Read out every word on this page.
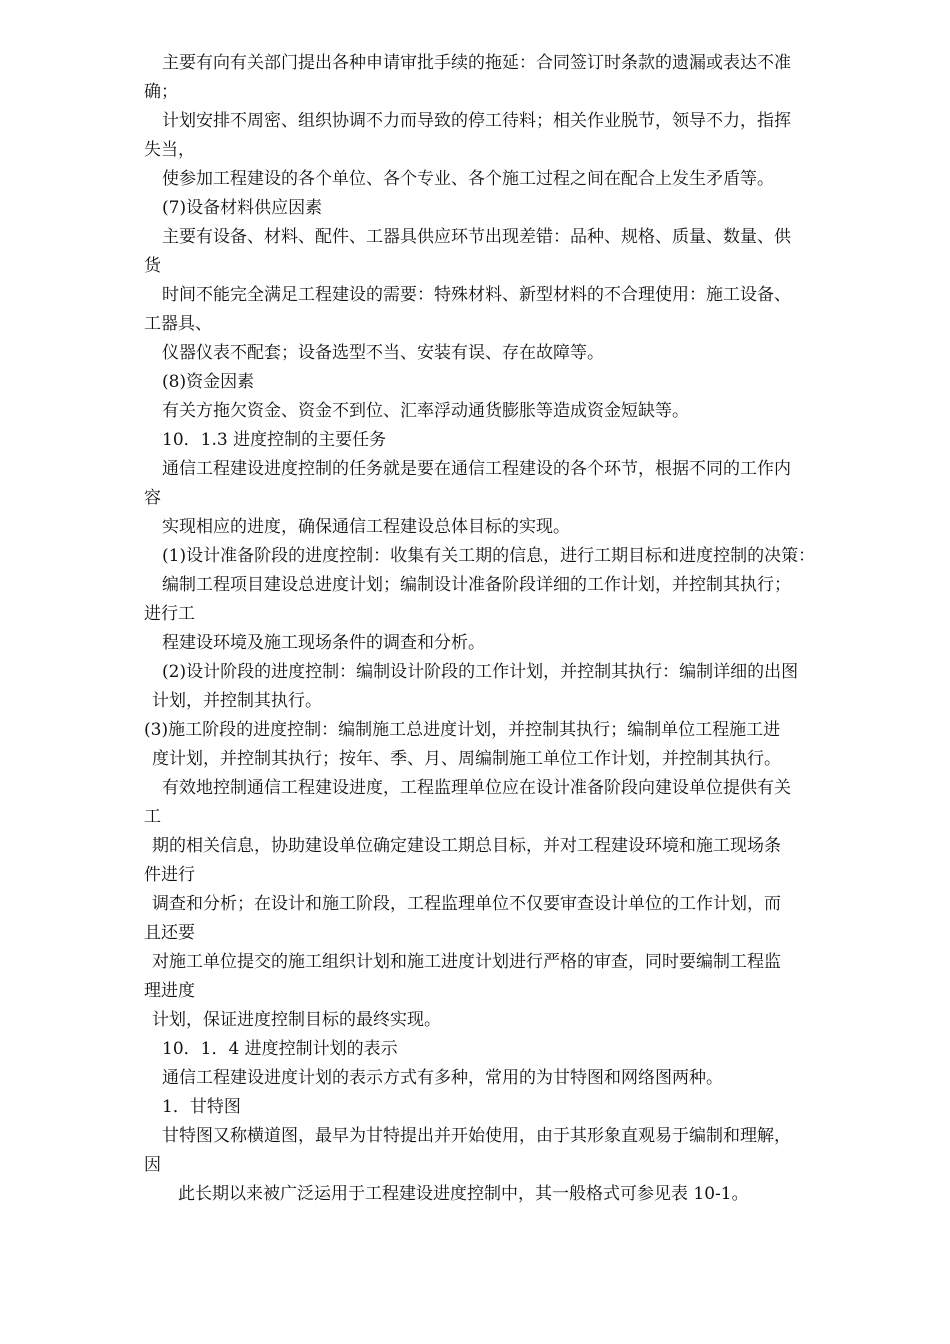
主要有向有关部门提出各种申请审批手续的拖延：合同签订时条款的遗漏或表达不准
确；
计划安排不周密、组织协调不力而导致的停工待料；相关作业脱节，领导不力，指挥
失当，
使参加工程建设的各个单位、各个专业、各个施工过程之间在配合上发生矛盾等。
(7)设备材料供应因素
主要有设备、材料、配件、工器具供应环节出现差错：品种、规格、质量、数量、供
货
时间不能完全满足工程建设的需要：特殊材料、新型材料的不合理使用：施工设备、
工器具、
仪器仪表不配套；设备选型不当、安装有误、存在故障等。
(8)资金因素
有关方拖欠资金、资金不到位、汇率浮动通货膨胀等造成资金短缺等。
10．1.3 进度控制的主要任务
通信工程建设进度控制的任务就是要在通信工程建设的各个环节，根据不同的工作内
容
实现相应的进度，确保通信工程建设总体目标的实现。
(1)设计准备阶段的进度控制：收集有关工期的信息，进行工期目标和进度控制的决策：
编制工程项目建设总进度计划；编制设计准备阶段详细的工作计划，并控制其执行；
进行工
程建设环境及施工现场条件的调查和分析。
(2)设计阶段的进度控制：编制设计阶段的工作计划，并控制其执行：编制详细的出图
计划，并控制其执行。
(3)施工阶段的进度控制：编制施工总进度计划，并控制其执行；编制单位工程施工进
度计划，并控制其执行；按年、季、月、周编制施工单位工作计划，并控制其执行。
有效地控制通信工程建设进度，工程监理单位应在设计准备阶段向建设单位提供有关
工
期的相关信息，协助建设单位确定建设工期总目标，并对工程建设环境和施工现场条
件进行
调查和分析；在设计和施工阶段，工程监理单位不仅要审查设计单位的工作计划，而
且还要
对施工单位提交的施工组织计划和施工进度计划进行严格的审查，同时要编制工程监
理进度
计划，保证进度控制目标的最终实现。
10．1．4 进度控制计划的表示
通信工程建设进度计划的表示方式有多种，常用的为甘特图和网络图两种。
1．甘特图
甘特图又称横道图，最早为甘特提出并开始使用，由于其形象直观易于编制和理解，
因
此长期以来被广泛运用于工程建设进度控制中，其一般格式可参见表 10-1。
